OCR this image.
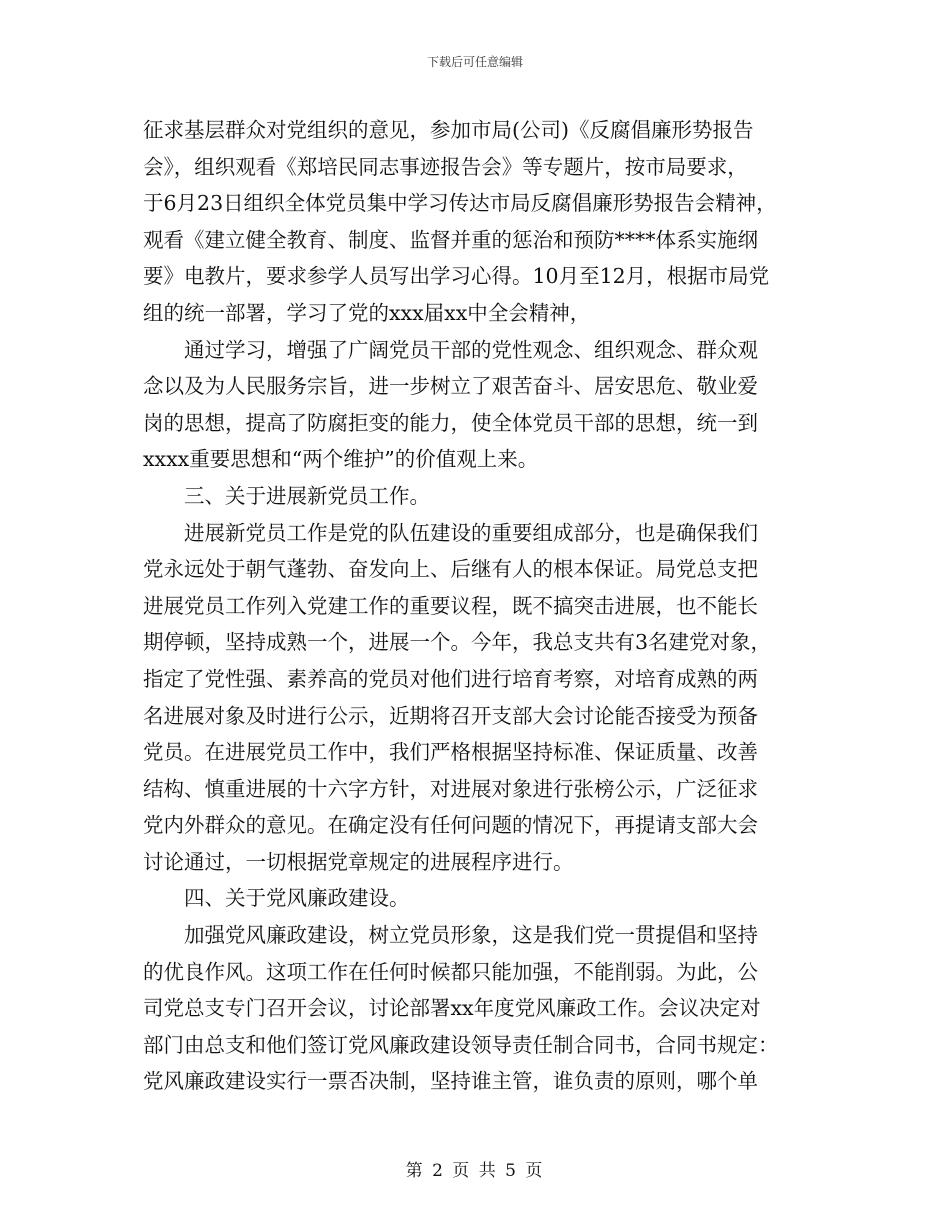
下载后可任意编辑
征求基层群众对党组织的意见，参加市局(公司)《反腐倡廉形势报告
会》，组织观看《郑培民同志事迹报告会》等专题片，按市局要求，
于6月23日组织全体党员集中学习传达市局反腐倡廉形势报告会精神，
观看《建立健全教育、制度、监督并重的惩治和预防****体系实施纲
要》电教片，要求参学人员写出学习心得。10月至12月，根据市局党
组的统一部署，学习了党的xxx届xx中全会精神，
通过学习，增强了广阔党员干部的党性观念、组织观念、群众观
念以及为人民服务宗旨，进一步树立了艰苦奋斗、居安思危、敬业爱
岗的思想，提高了防腐拒变的能力，使全体党员干部的思想，统一到
xxxx重要思想和“两个维护”的价值观上来。
三、关于进展新党员工作。
进展新党员工作是党的队伍建设的重要组成部分，也是确保我们
党永远处于朝气蓬勃、奋发向上、后继有人的根本保证。局党总支把
进展党员工作列入党建工作的重要议程，既不搞突击进展，也不能长
期停顿，坚持成熟一个，进展一个。今年，我总支共有3名建党对象，
指定了党性强、素养高的党员对他们进行培育考察，对培育成熟的两
名进展对象及时进行公示，近期将召开支部大会讨论能否接受为预备
党员。在进展党员工作中，我们严格根据坚持标准、保证质量、改善
结构、慎重进展的十六字方针，对进展对象进行张榜公示，广泛征求
党内外群众的意见。在确定没有任何问题的情况下，再提请支部大会
讨论通过，一切根据党章规定的进展程序进行。
四、关于党风廉政建设。
加强党风廉政建设，树立党员形象，这是我们党一贯提倡和坚持
的优良作风。这项工作在任何时候都只能加强，不能削弱。为此，公
司党总支专门召开会议，讨论部署xx年度党风廉政工作。会议决定对
部门由总支和他们签订党风廉政建设领导责任制合同书，合同书规定：
党风廉政建设实行一票否决制，坚持谁主管，谁负责的原则，哪个单
第 2 页 共 5 页
